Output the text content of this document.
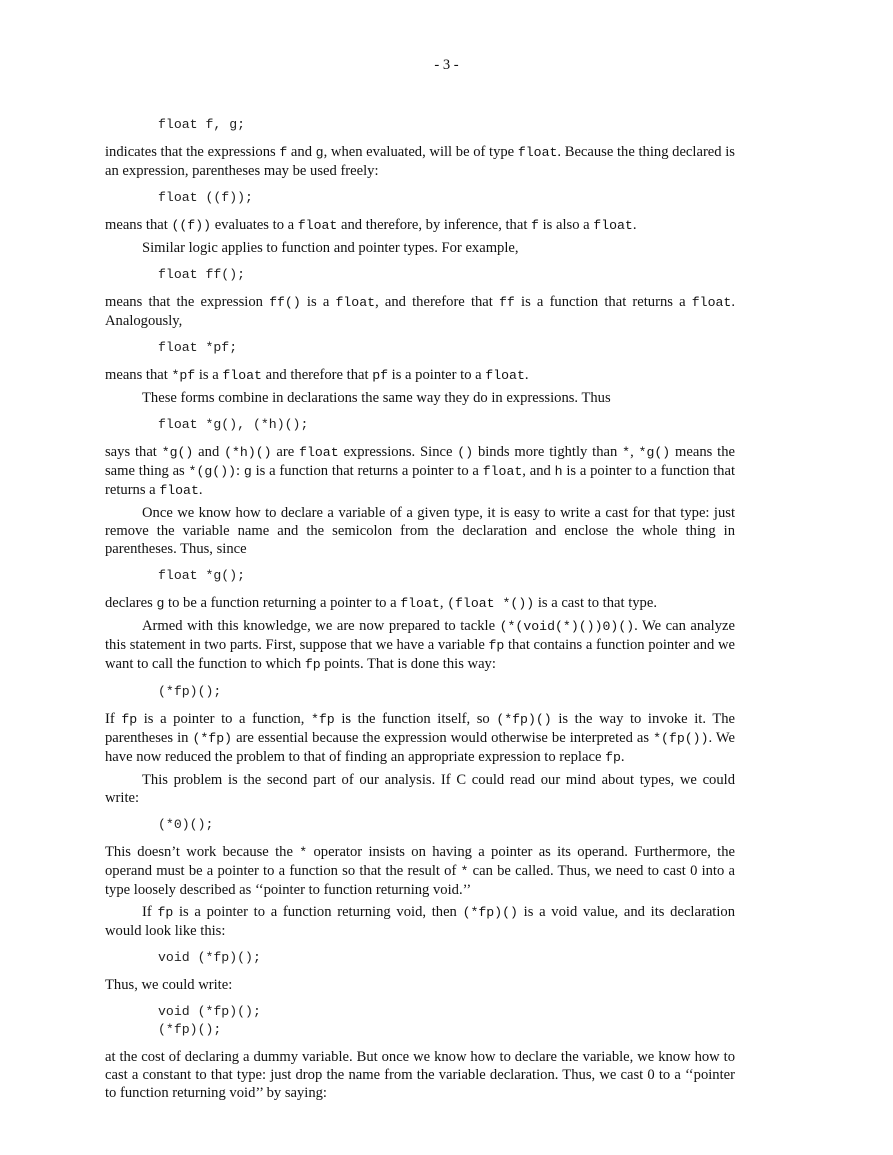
- 3 -
float f, g;

indicates that the expressions f and g, when evaluated, will be of type float. Because the thing declared is an expression, parentheses may be used freely:

float ((f));

means that ((f)) evaluates to a float and therefore, by inference, that f is also a float.

Similar logic applies to function and pointer types. For example,

float ff();

means that the expression ff() is a float, and therefore that ff is a function that returns a float. Analogously,

float *pf;

means that *pf is a float and therefore that pf is a pointer to a float.

These forms combine in declarations the same way they do in expressions. Thus

float *g(), (*h)();

says that *g() and (*h)() are float expressions. Since () binds more tightly than *, *g() means the same thing as *(g()): g is a function that returns a pointer to a float, and h is a pointer to a function that returns a float.

Once we know how to declare a variable of a given type, it is easy to write a cast for that type: just remove the variable name and the semicolon from the declaration and enclose the whole thing in parentheses. Thus, since

float *g();

declares g to be a function returning a pointer to a float, (float *()) is a cast to that type.

Armed with this knowledge, we are now prepared to tackle (*(void(*)())0)(). We can analyze this statement in two parts. First, suppose that we have a variable fp that contains a function pointer and we want to call the function to which fp points. That is done this way:

(*fp)();

If fp is a pointer to a function, *fp is the function itself, so (*fp)() is the way to invoke it. The parentheses in (*fp) are essential because the expression would otherwise be interpreted as *(fp()). We have now reduced the problem to that of finding an appropriate expression to replace fp.

This problem is the second part of our analysis. If C could read our mind about types, we could write:

(*0)();

This doesn’t work because the * operator insists on having a pointer as its operand. Furthermore, the operand must be a pointer to a function so that the result of * can be called. Thus, we need to cast 0 into a type loosely described as ‘‘pointer to function returning void.’’

If fp is a pointer to a function returning void, then (*fp)() is a void value, and its declaration would look like this:

void (*fp)();

Thus, we could write:

void (*fp)();
(*fp)();

at the cost of declaring a dummy variable. But once we know how to declare the variable, we know how to cast a constant to that type: just drop the name from the variable declaration. Thus, we cast 0 to a ‘‘pointer to function returning void’’ by saying:
